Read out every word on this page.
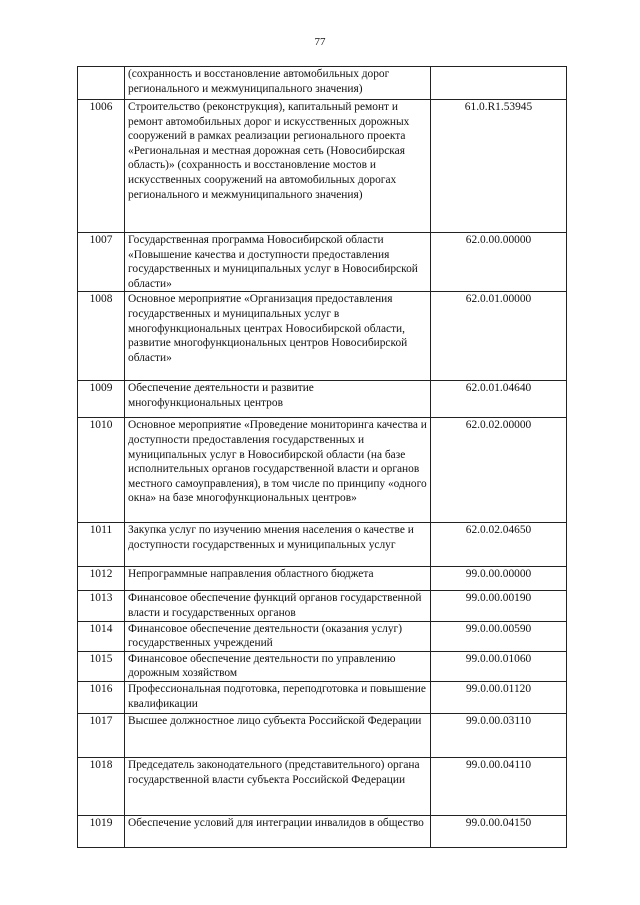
77
	(сохранность и восстановление автомобильных дорог регионального и межмуниципального значения)	
1006	Строительство (реконструкция), капитальный ремонт и ремонт автомобильных дорог и искусственных дорожных сооружений в рамках реализации регионального проекта «Региональная и местная дорожная сеть (Новосибирская область)» (сохранность и восстановление мостов и искусственных сооружений на автомобильных дорогах регионального и межмуниципального значения)	61.0.R1.53945
1007	Государственная программа Новосибирской области «Повышение качества и доступности предоставления государственных и муниципальных услуг в Новосибирской области»	62.0.00.00000
1008	Основное мероприятие «Организация предоставления государственных и муниципальных услуг в многофункциональных центрах Новосибирской области, развитие многофункциональных центров Новосибирской области»	62.0.01.00000
1009	Обеспечение деятельности и развитие многофункциональных центров	62.0.01.04640
1010	Основное мероприятие «Проведение мониторинга качества и доступности предоставления государственных и муниципальных услуг в Новосибирской области (на базе исполнительных органов государственной власти и органов местного самоуправления), в том числе по принципу «одного окна» на базе многофункциональных центров»	62.0.02.00000
1011	Закупка услуг по изучению мнения населения о качестве и доступности государственных и муниципальных услуг	62.0.02.04650
1012	Непрограммные направления областного бюджета	99.0.00.00000
1013	Финансовое обеспечение функций органов государственной власти и государственных органов	99.0.00.00190
1014	Финансовое обеспечение деятельности (оказания услуг) государственных учреждений	99.0.00.00590
1015	Финансовое обеспечение деятельности по управлению дорожным хозяйством	99.0.00.01060
1016	Профессиональная подготовка, переподготовка и повышение квалификации	99.0.00.01120
1017	Высшее должностное лицо субъекта Российской Федерации	99.0.00.03110
1018	Председатель законодательного (представительного) органа государственной власти субъекта Российской Федерации	99.0.00.04110
1019	Обеспечение условий для интеграции инвалидов в общество	99.0.00.04150
